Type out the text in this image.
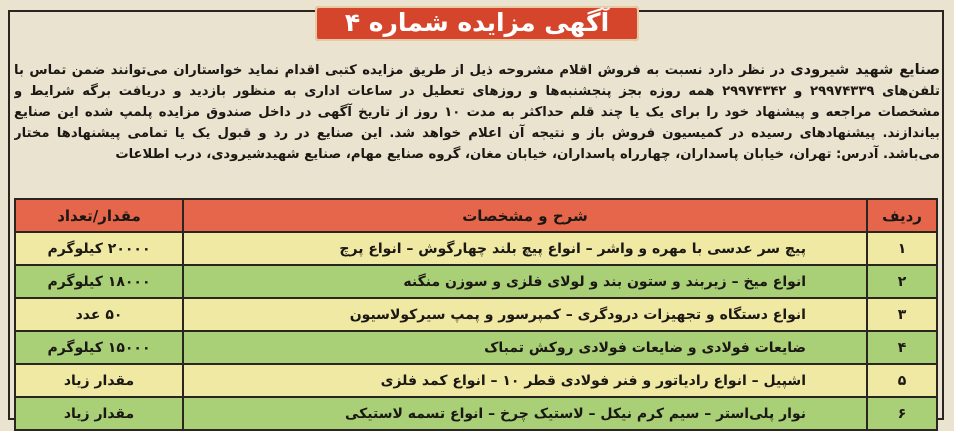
آگهی مزایده شماره ۴
صنایع شهید شیرودی در نظر دارد نسبت به فروش اقلام مشروحه ذیل از طریق مزایده کتبی اقدام نماید خواستاران می‌توانند ضمن تماس با تلفن‌های ۲۹۹۷۴۳۳۹ و ۲۹۹۷۴۳۴۲ همه روزه بجز پنجشنبه‌ها و روزهای تعطیل در ساعات اداری به منظور بازدید و دریافت برگه شرایط و مشخصات مراجعه و پیشنهاد خود را برای یک یا چند قلم حداکثر به مدت ۱۰ روز از تاریخ آگهی در داخل صندوق مزایده پلمپ شده این صنایع بیاندازند. پیشنهادهای رسیده در کمیسیون فروش باز و نتیجه آن اعلام خواهد شد. این صنایع در رد و قبول یک یا تمامی پیشنهادها مختار می‌باشد. آدرس: تهران، خیابان پاسداران، چهارراه پاسداران، خیابان مغان، گروه صنایع مهام، صنایع شهیدشیرودی، درب اطلاعات
ردیف	شرح و مشخصات	مقدار/تعداد
۱	پیچ سر عدسی با مهره و واشر – انواع پیچ بلند چهارگوش – انواع پرچ	۲۰۰۰۰ کیلوگرم
۲	انواع میخ – زیربند و ستون بند و لولای فلزی و سوزن منگنه	۱۸۰۰۰ کیلوگرم
۳	انواع دستگاه و تجهیزات درودگری – کمپرسور و پمپ سیرکولاسیون	۵۰ عدد
۴	ضایعات فولادی و ضایعات فولادی روکش تمباک	۱۵۰۰۰ کیلوگرم
۵	اشپیل – انواع رادیاتور و فنر فولادی قطر ۱۰ – انواع کمد فلزی	مقدار زیاد
۶	نوار پلی‌استر – سیم کرم نیکل – لاستیک چرخ – انواع تسمه لاستیکی	مقدار زیاد
